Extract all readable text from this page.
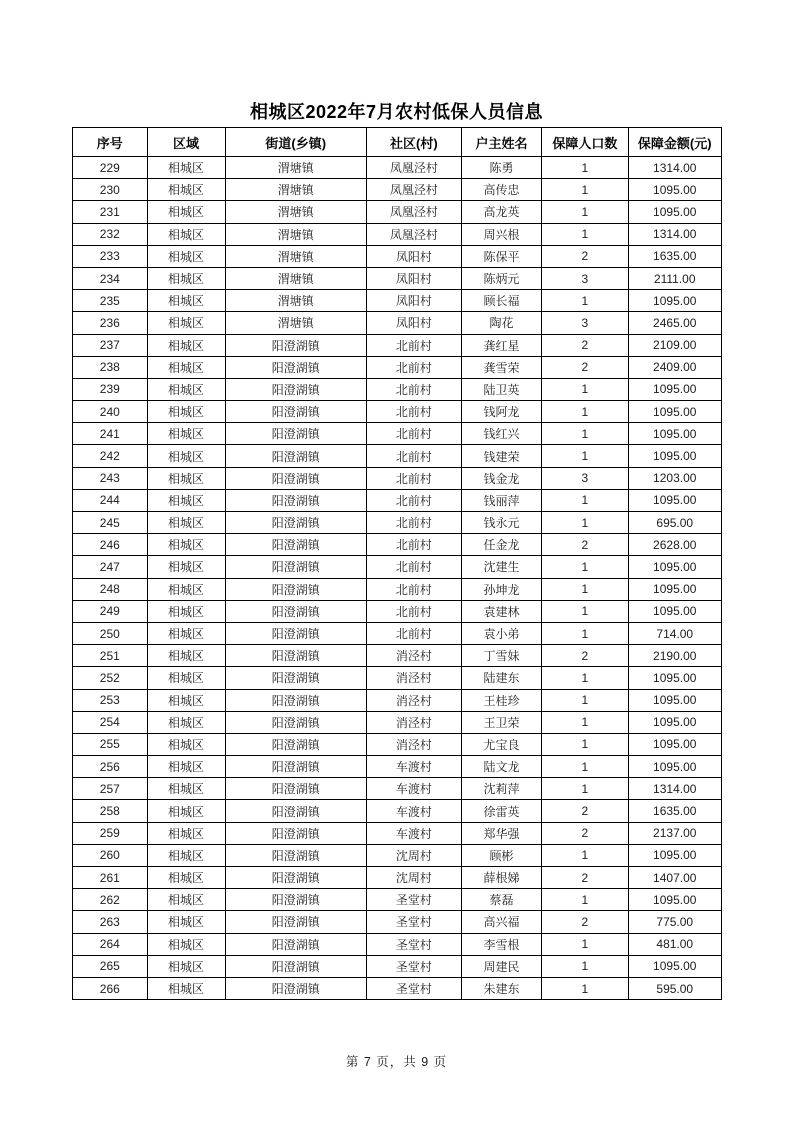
相城区2022年7月农村低保人员信息
序号	区域	街道(乡镇)	社区(村)	户主姓名	保障人口数	保障金额(元)
229	相城区	渭塘镇	凤凰泾村	陈勇	1	1314.00
230	相城区	渭塘镇	凤凰泾村	高传忠	1	1095.00
231	相城区	渭塘镇	凤凰泾村	高龙英	1	1095.00
232	相城区	渭塘镇	凤凰泾村	周兴根	1	1314.00
233	相城区	渭塘镇	凤阳村	陈保平	2	1635.00
234	相城区	渭塘镇	凤阳村	陈炳元	3	2111.00
235	相城区	渭塘镇	凤阳村	顾长福	1	1095.00
236	相城区	渭塘镇	凤阳村	陶花	3	2465.00
237	相城区	阳澄湖镇	北前村	龚红星	2	2109.00
238	相城区	阳澄湖镇	北前村	龚雪荣	2	2409.00
239	相城区	阳澄湖镇	北前村	陆卫英	1	1095.00
240	相城区	阳澄湖镇	北前村	钱阿龙	1	1095.00
241	相城区	阳澄湖镇	北前村	钱红兴	1	1095.00
242	相城区	阳澄湖镇	北前村	钱建荣	1	1095.00
243	相城区	阳澄湖镇	北前村	钱金龙	3	1203.00
244	相城区	阳澄湖镇	北前村	钱丽萍	1	1095.00
245	相城区	阳澄湖镇	北前村	钱永元	1	695.00
246	相城区	阳澄湖镇	北前村	任金龙	2	2628.00
247	相城区	阳澄湖镇	北前村	沈建生	1	1095.00
248	相城区	阳澄湖镇	北前村	孙坤龙	1	1095.00
249	相城区	阳澄湖镇	北前村	袁建林	1	1095.00
250	相城区	阳澄湖镇	北前村	袁小弟	1	714.00
251	相城区	阳澄湖镇	消泾村	丁雪妹	2	2190.00
252	相城区	阳澄湖镇	消泾村	陆建东	1	1095.00
253	相城区	阳澄湖镇	消泾村	王桂珍	1	1095.00
254	相城区	阳澄湖镇	消泾村	王卫荣	1	1095.00
255	相城区	阳澄湖镇	消泾村	尤宝良	1	1095.00
256	相城区	阳澄湖镇	车渡村	陆文龙	1	1095.00
257	相城区	阳澄湖镇	车渡村	沈莉萍	1	1314.00
258	相城区	阳澄湖镇	车渡村	徐雷英	2	1635.00
259	相城区	阳澄湖镇	车渡村	郑华强	2	2137.00
260	相城区	阳澄湖镇	沈周村	顾彬	1	1095.00
261	相城区	阳澄湖镇	沈周村	薛根娣	2	1407.00
262	相城区	阳澄湖镇	圣堂村	蔡磊	1	1095.00
263	相城区	阳澄湖镇	圣堂村	高兴福	2	775.00
264	相城区	阳澄湖镇	圣堂村	李雪根	1	481.00
265	相城区	阳澄湖镇	圣堂村	周建民	1	1095.00
266	相城区	阳澄湖镇	圣堂村	朱建东	1	595.00
第 7 页，共 9 页
